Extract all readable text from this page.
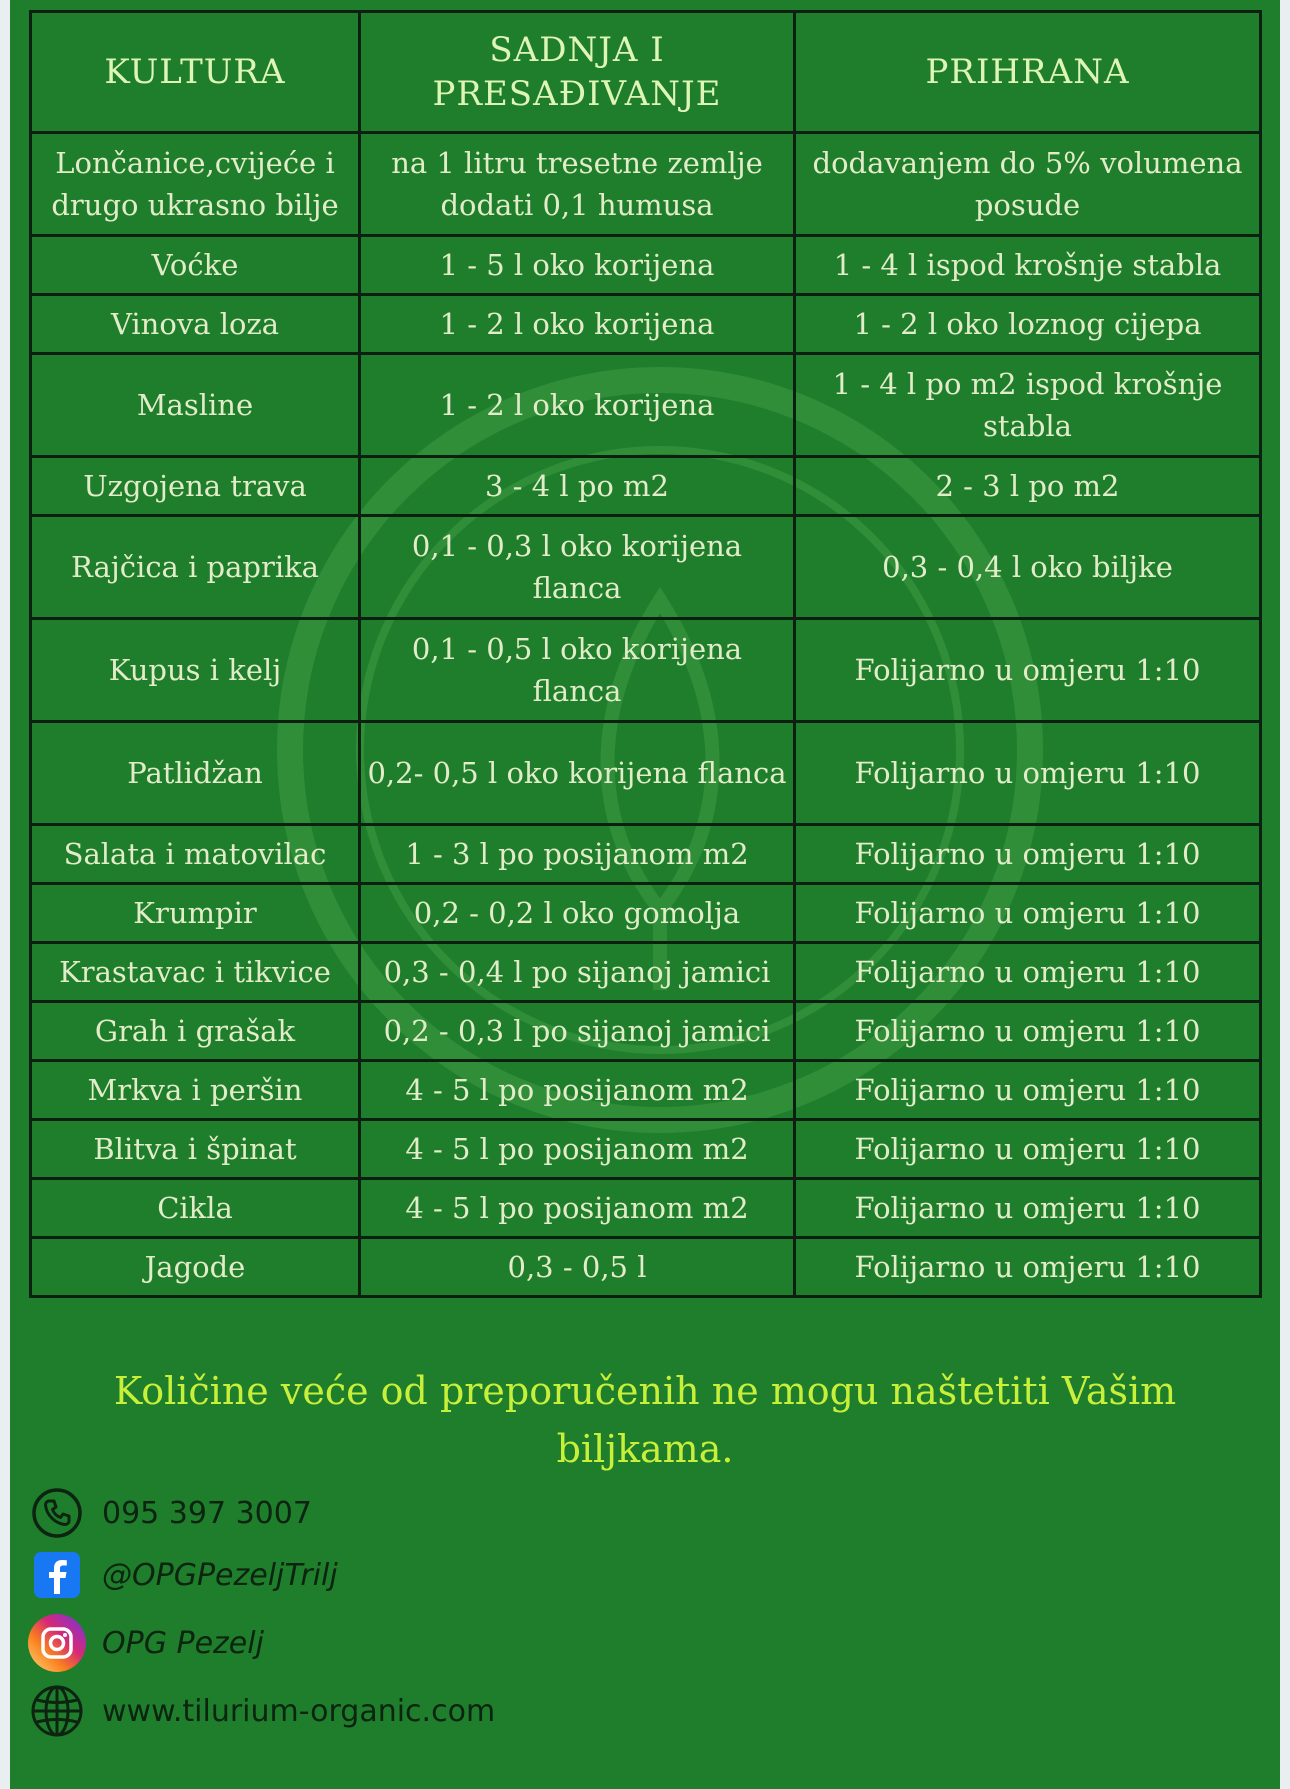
KULTURA	SADNJA I PRESAĐIVANJE	PRIHRANA
Lončanice,cvijeće i drugo ukrasno bilje	na 1 litru tresetne zemlje dodati 0,1 humusa	dodavanjem do 5% volumena posude
Voćke	1 - 5 l oko korijena	1 - 4 l ispod krošnje stabla
Vinova loza	1 - 2 l oko korijena	1 - 2 l oko loznog cijepa
Masline	1 - 2 l oko korijena	1 - 4 l po m2 ispod krošnje stabla
Uzgojena trava	3 - 4 l po m2	2 - 3 l po m2
Rajčica i paprika	0,1 - 0,3 l oko korijena flanca	0,3 - 0,4 l oko biljke
Kupus i kelj	0,1 - 0,5 l oko korijena flanca	Folijarno u omjeru 1:10
Patlidžan	0,2- 0,5 l oko korijena flanca	Folijarno u omjeru 1:10
Salata i matovilac	1 - 3 l po posijanom m2	Folijarno u omjeru 1:10
Krumpir	0,2 - 0,2 l oko gomolja	Folijarno u omjeru 1:10
Krastavac i tikvice	0,3 - 0,4 l po sijanoj jamici	Folijarno u omjeru 1:10
Grah i grašak	0,2 - 0,3 l po sijanoj jamici	Folijarno u omjeru 1:10
Mrkva i peršin	4 - 5 l po posijanom m2	Folijarno u omjeru 1:10
Blitva i špinat	4 - 5 l po posijanom m2	Folijarno u omjeru 1:10
Cikla	4 - 5 l po posijanom m2	Folijarno u omjeru 1:10
Jagode	0,3 - 0,5 l	Folijarno u omjeru 1:10
Količine veće od preporučenih ne mogu naštetiti Vašim biljkama.
095 397 3007
@OPGPezeljTrilj
OPG Pezelj
www.tilurium-organic.com
